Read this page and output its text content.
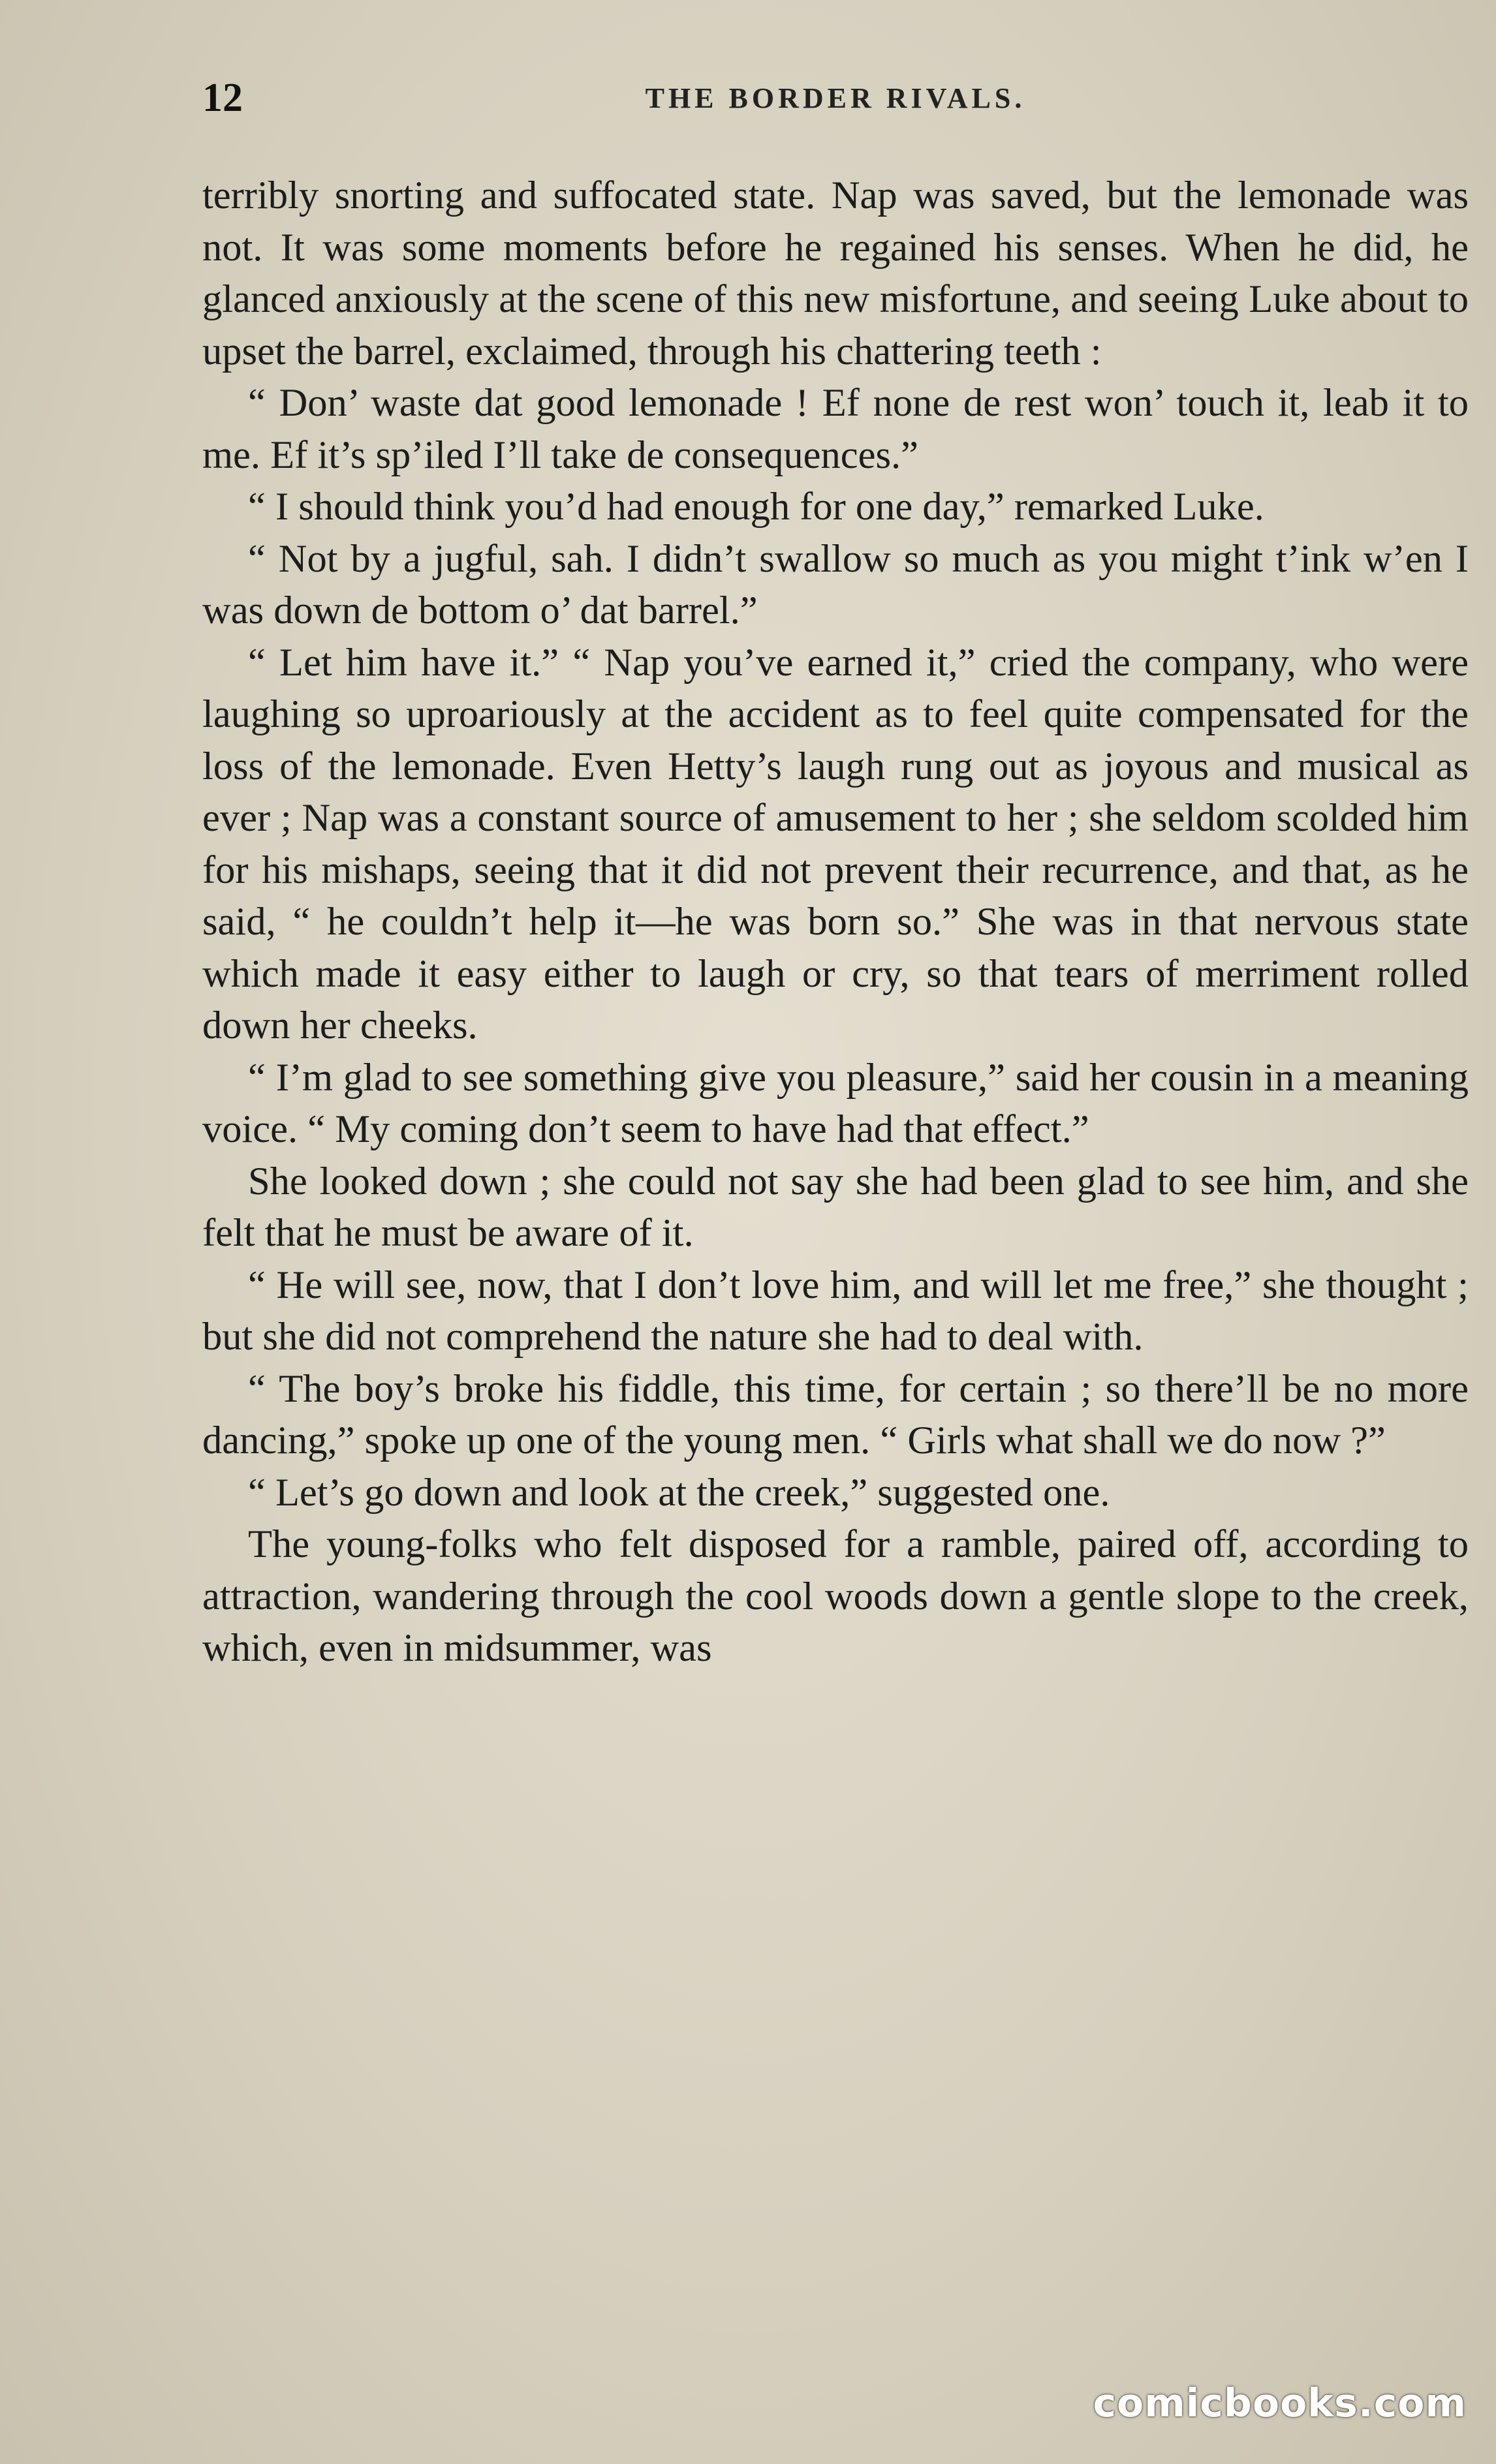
12	THE BORDER RIVALS.

terribly snorting and suffocated state. Nap was saved, but the lemonade was not. It was some moments before he regained his senses. When he did, he glanced anxiously at the scene of this new misfortune, and seeing Luke about to upset the barrel, exclaimed, through his chattering teeth :

“ Don’ waste dat good lemonade ! Ef none de rest won’ touch it, leab it to me. Ef it’s sp’iled I’ll take de consequences.”

“ I should think you’d had enough for one day,” remarked Luke.

“ Not by a jugful, sah. I didn’t swallow so much as you might t’ink w’en I was down de bottom o’ dat barrel.”

“ Let him have it.” “ Nap you’ve earned it,” cried the company, who were laughing so uproariously at the accident as to feel quite compensated for the loss of the lemonade. Even Hetty’s laugh rung out as joyous and musical as ever ; Nap was a constant source of amusement to her ; she seldom scolded him for his mishaps, seeing that it did not prevent their recurrence, and that, as he said, “ he couldn’t help it—he was born so.” She was in that nervous state which made it easy either to laugh or cry, so that tears of merriment rolled down her cheeks.

“ I’m glad to see something give you pleasure,” said her cousin in a meaning voice. “ My coming don’t seem to have had that effect.”

She looked down ; she could not say she had been glad to see him, and she felt that he must be aware of it.

“ He will see, now, that I don’t love him, and will let me free,” she thought ; but she did not comprehend the nature she had to deal with.

“ The boy’s broke his fiddle, this time, for certain ; so there’ll be no more dancing,” spoke up one of the young men. “ Girls what shall we do now ?”

“ Let’s go down and look at the creek,” suggested one.

The young-folks who felt disposed for a ramble, paired off, according to attraction, wandering through the cool woods down a gentle slope to the creek, which, even in midsummer, was

comicbooks.com
